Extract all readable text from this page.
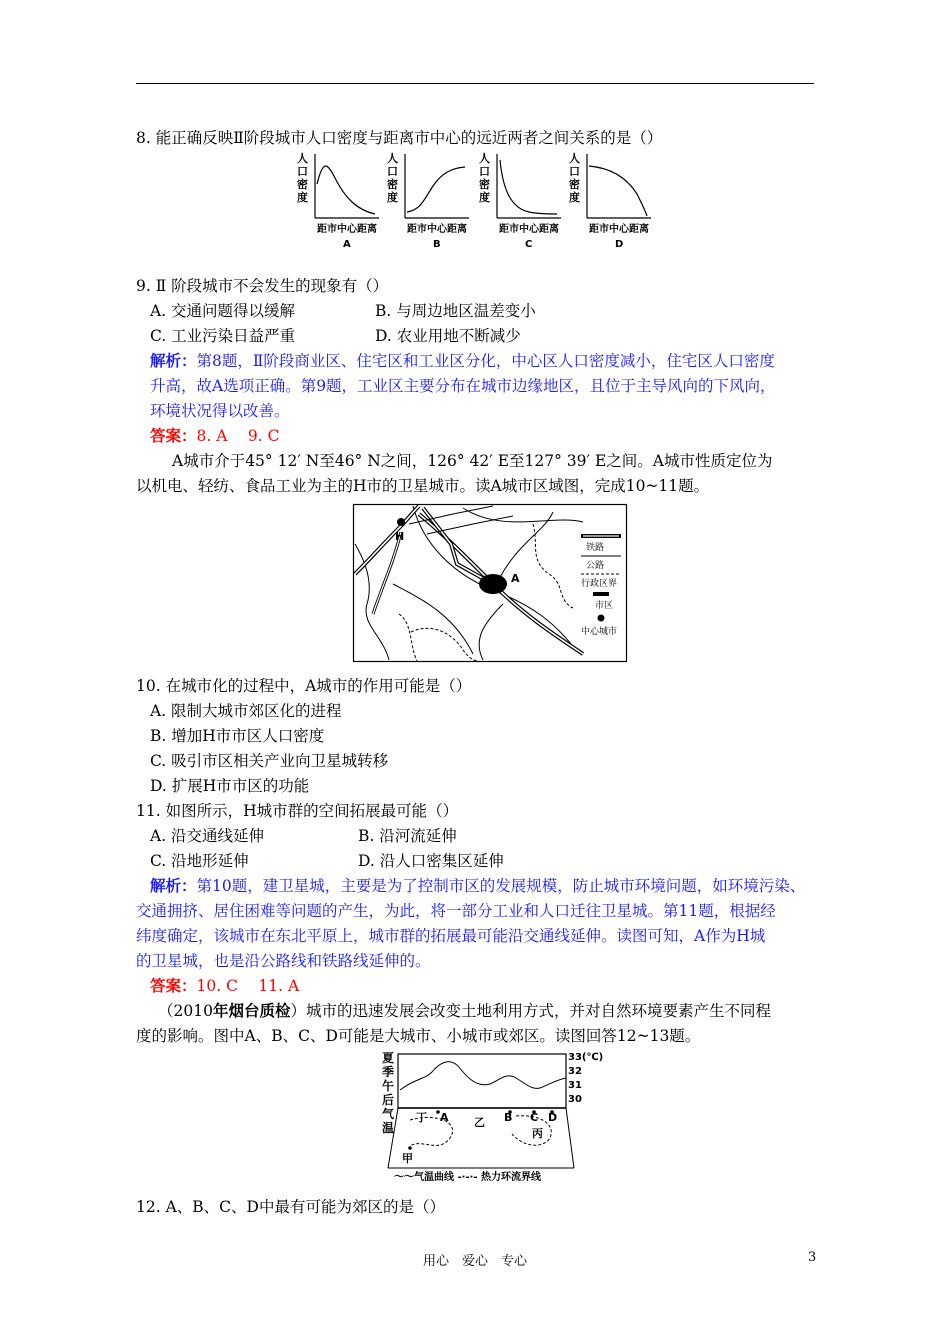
8. 能正确反映Ⅱ阶段城市人口密度与距离市中心的远近两者之间关系的是（）
人
口
密
度
距市中心距离
A
人
口
密
度
距市中心距离
B
人
口
密
度
距市中心距离
C
人
口
密
度
距市中心距离
D
9. Ⅱ 阶段城市不会发生的现象有（）
A. 交通问题得以缓解	B. 与周边地区温差变小
C. 工业污染日益严重	D. 农业用地不断减少
解析：第8题，Ⅱ阶段商业区、住宅区和工业区分化，中心区人口密度减小，住宅区人口密度
升高，故A选项正确。第9题，工业区主要分布在城市边缘地区，且位于主导风向的下风向，
环境状况得以改善。
答案：8. A　 9. C
A城市介于45° 12′ N至46° N之间，126° 42′ E至127° 39′ E之间。A城市性质定位为
以机电、轻纺、食品工业为主的H市的卫星城市。读A城市区域图，完成10~11题。
A
H
铁路
公路
行政区界
市区
中心城市
10. 在城市化的过程中，A城市的作用可能是（）
A. 限制大城市郊区化的进程
B. 增加H市市区人口密度
C. 吸引市区相关产业向卫星城转移
D. 扩展H市市区的功能
11. 如图所示，H城市群的空间拓展最可能（）
A. 沿交通线延伸	B. 沿河流延伸
C. 沿地形延伸	D. 沿人口密集区延伸
解析：第10题，建卫星城，主要是为了控制市区的发展规模，防止城市环境问题，如环境污染、
交通拥挤、居住困难等问题的产生，为此，将一部分工业和人口迁往卫星城。第11题，根据经
纬度确定，该城市在东北平原上，城市群的拓展最可能沿交通线延伸。读图可知，A作为H城
的卫星城，也是沿公路线和铁路线延伸的。
答案：10. C　 11. A
（2010年烟台质检）城市的迅速发展会改变土地利用方式，并对自然环境要素产生不同程
度的影响。图中A、B、C、D可能是大城市、小城市或郊区。读图回答12~13题。
夏
季
午
后
气
温
33(℃)
32
31
30
丁 A 乙 B C D
丙
甲
～～气温曲线 -·-·- 热力环流界线
12. A、B、C、D中最有可能为郊区的是（）
用心　爱心　专心	3
